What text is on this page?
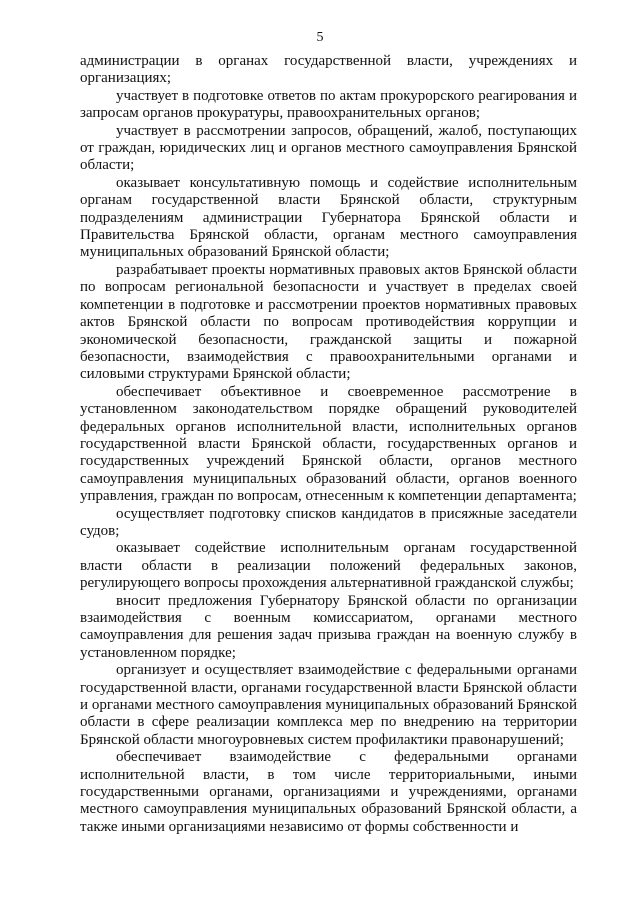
5

администрации в органах государственной власти, учреждениях и организациях;

участвует в подготовке ответов по актам прокурорского реагирования и запросам органов прокуратуры, правоохранительных органов;

участвует в рассмотрении запросов, обращений, жалоб, поступающих от граждан, юридических лиц и органов местного самоуправления Брянской области;

оказывает консультативную помощь и содействие исполнительным органам государственной власти Брянской области, структурным подразделениям администрации Губернатора Брянской области и Правительства Брянской области, органам местного самоуправления муниципальных образований Брянской области;

разрабатывает проекты нормативных правовых актов Брянской области по вопросам региональной безопасности и участвует в пределах своей компетенции в подготовке и рассмотрении проектов нормативных правовых актов Брянской области по вопросам противодействия коррупции и экономической безопасности, гражданской защиты и пожарной безопасности, взаимодействия с правоохранительными органами и силовыми структурами Брянской области;

обеспечивает объективное и своевременное рассмотрение в установленном законодательством порядке обращений руководителей федеральных органов исполнительной власти, исполнительных органов государственной власти Брянской области, государственных органов и государственных учреждений Брянской области, органов местного самоуправления муниципальных образований области, органов военного управления, граждан по вопросам, отнесенным к компетенции департамента;

осуществляет подготовку списков кандидатов в присяжные заседатели судов;

оказывает содействие исполнительным органам государственной власти области в реализации положений федеральных законов, регулирующего вопросы прохождения альтернативной гражданской службы;

вносит предложения Губернатору Брянской области по организации взаимодействия с военным комиссариатом, органами местного самоуправления для решения задач призыва граждан на военную службу в установленном порядке;

организует и осуществляет взаимодействие с федеральными органами государственной власти, органами государственной власти Брянской области и органами местного самоуправления муниципальных образований Брянской области в сфере реализации комплекса мер по внедрению на территории Брянской области многоуровневых систем профилактики правонарушений;

обеспечивает взаимодействие с федеральными органами исполнительной власти, в том числе территориальными, иными государственными органами, организациями и учреждениями, органами местного самоуправления муниципальных образований Брянской области, а также иными организациями независимо от формы собственности и
